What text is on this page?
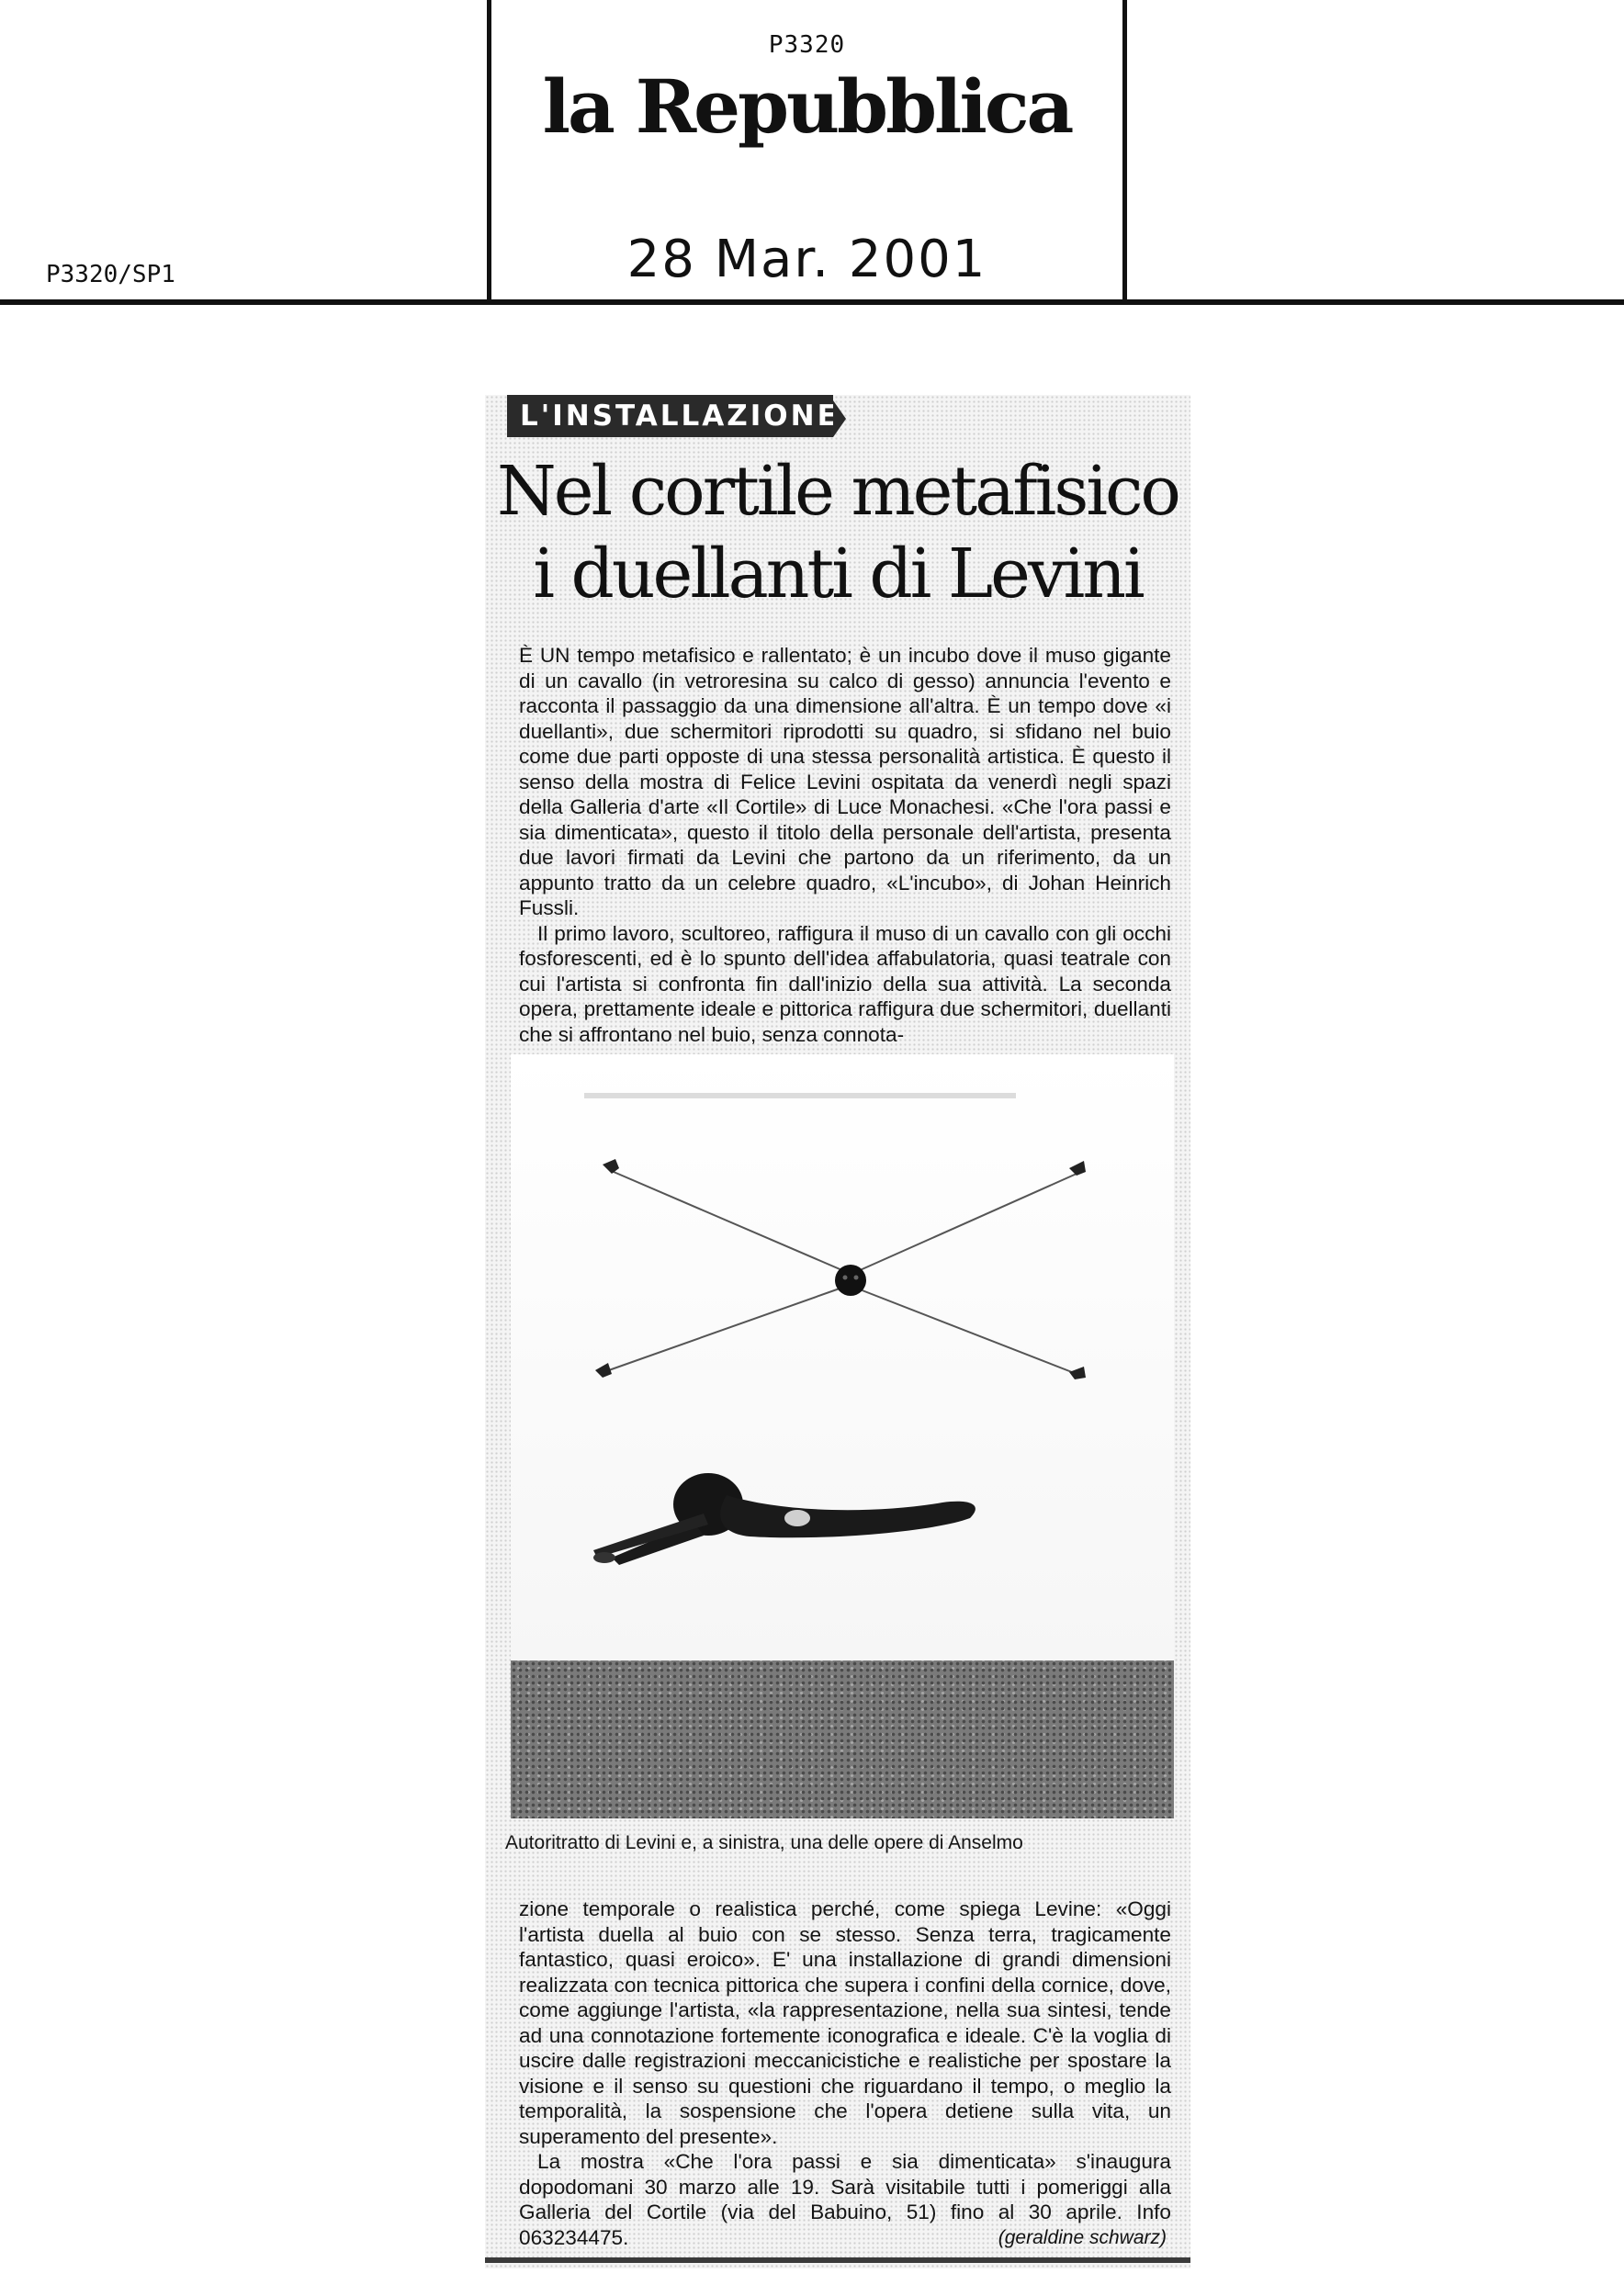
P3320
la Repubblica
28 Mar. 2001
P3320/SP1
L'INSTALLAZIONE
Nel cortile metafisico
i duellanti di Levini

È UN tempo metafisico e rallentato; è un incubo dove il muso gigante di un cavallo (in vetroresina su calco di gesso) annuncia l'evento e racconta il passaggio da una dimensione all'altra. È un tempo dove «i duellanti», due schermitori riprodotti su quadro, si sfidano nel buio come due parti opposte di una stessa personalità artistica. È questo il senso della mostra di Felice Levini ospitata da venerdì negli spazi della Galleria d'arte «Il Cortile» di Luce Monachesi. «Che l'ora passi e sia dimenticata», questo il titolo della personale dell'artista, presenta due lavori firmati da Levini che partono da un riferimento, da un appunto tratto da un celebre quadro, «L'incubo», di Johan Heinrich Fussli.

Il primo lavoro, scultoreo, raffigura il muso di un cavallo con gli occhi fosforescenti, ed è lo spunto dell'idea affabulatoria, quasi teatrale con cui l'artista si confronta fin dall'inizio della sua attività. La seconda opera, prettamente ideale e pittorica raffigura due schermitori, duellanti che si affrontano nel buio, senza connota-

Autoritratto di Levini e, a sinistra, una delle opere di Anselmo

zione temporale o realistica perché, come spiega Levine: «Oggi l'artista duella al buio con se stesso. Senza terra, tragicamente fantastico, quasi eroico». E' una installazione di grandi dimensioni realizzata con tecnica pittorica che supera i confini della cornice, dove, come aggiunge l'artista, «la rappresentazione, nella sua sintesi, tende ad una connotazione fortemente iconografica e ideale. C'è la voglia di uscire dalle registrazioni meccanicistiche e realistiche per spostare la visione e il senso su questioni che riguardano il tempo, o meglio la temporalità, la sospensione che l'opera detiene sulla vita, un superamento del presente».

La mostra «Che l'ora passi e sia dimenticata» s'inaugura dopodomani 30 marzo alle 19. Sarà visitabile tutti i pomeriggi alla Galleria del Cortile (via del Babuino, 51) fino al 30 aprile. Info 063234475.	(geraldine schwarz)
